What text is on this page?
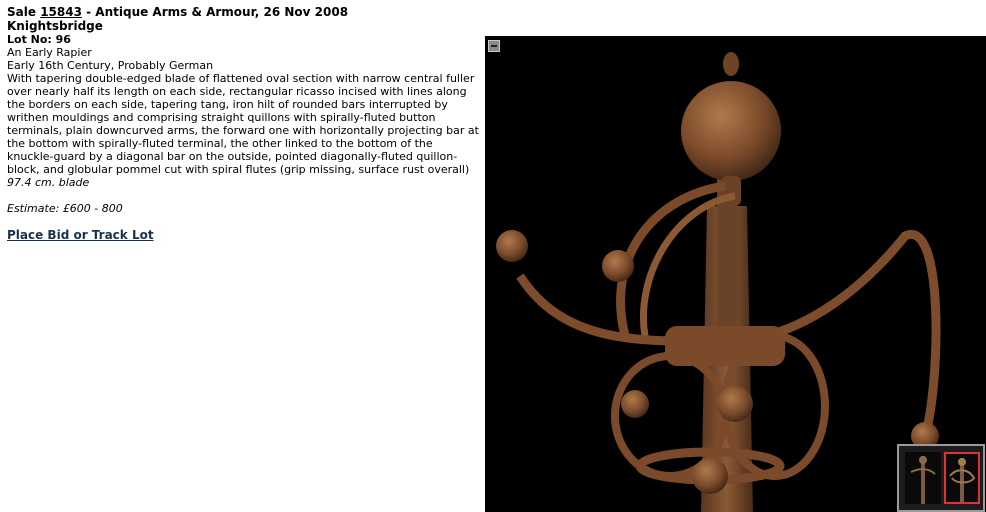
Sale 15843 - Antique Arms & Armour, 26 Nov 2008
Knightsbridge
Lot No: 96
An Early Rapier
Early 16th Century, Probably German
With tapering double-edged blade of flattened oval section with narrow central fuller over nearly half its length on each side, rectangular ricasso incised with lines along the borders on each side, tapering tang, iron hilt of rounded bars interrupted by writhen mouldings and comprising straight quillons with spirally-fluted button terminals, plain downcurved arms, the forward one with horizontally projecting bar at the bottom with spirally-fluted terminal, the other linked to the bottom of the knuckle-guard by a diagonal bar on the outside, pointed diagonally-fluted quillon-block, and globular pommel cut with spiral flutes (grip missing, surface rust overall)
97.4 cm. blade
Estimate: £600 - 800
Place Bid or Track Lot
